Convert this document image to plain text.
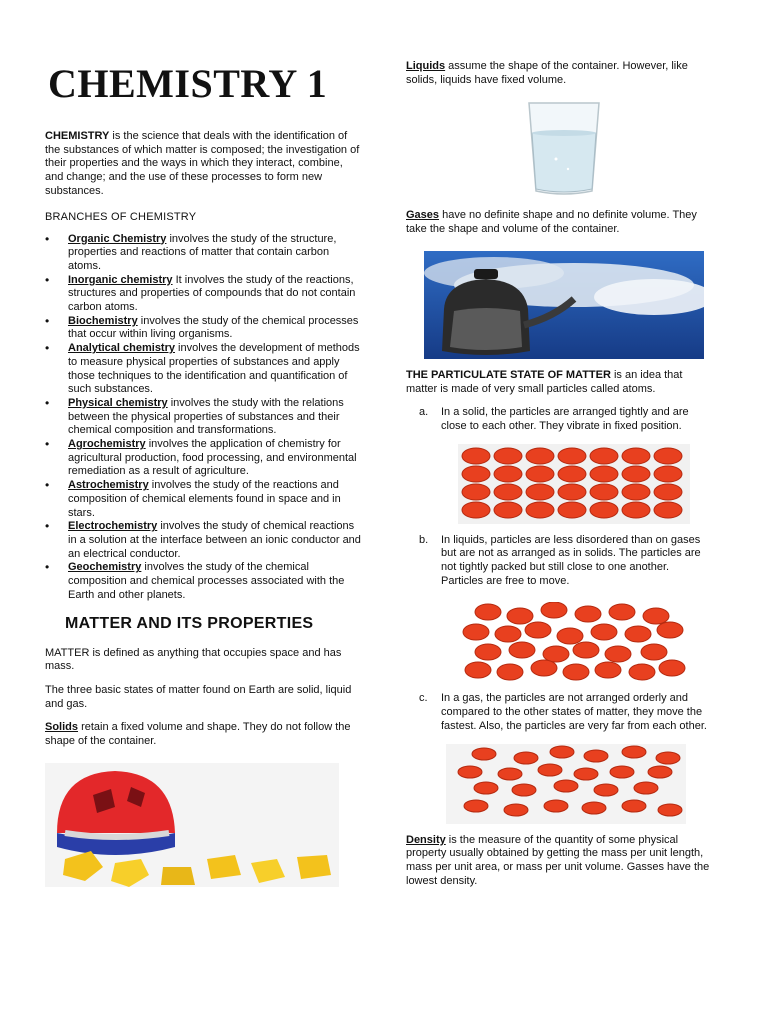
CHEMISTRY 1

CHEMISTRY is the science that deals with the identification of the substances of which matter is composed; the investigation of their properties and the ways in which they interact, combine, and change; and the use of these processes to form new substances.

BRANCHES OF CHEMISTRY
• Organic Chemistry involves the study of the structure, properties and reactions of matter that contain carbon atoms.
• Inorganic chemistry It involves the study of the reactions, structures and properties of compounds that do not contain carbon atoms.
• Biochemistry involves the study of the chemical processes that occur within living organisms.
• Analytical chemistry involves the development of methods to measure physical properties of substances and apply those techniques to the identification and quantification of such substances.
• Physical chemistry involves the study with the relations between the physical properties of substances and their chemical composition and transformations.
• Agrochemistry involves the application of chemistry for agricultural production, food processing, and environmental remediation as a result of agriculture.
• Astrochemistry involves the study of the reactions and composition of chemical elements found in space and in stars.
• Electrochemistry involves the study of chemical reactions in a solution at the interface between an ionic conductor and an electrical conductor.
• Geochemistry involves the study of the chemical composition and chemical processes associated with the Earth and other planets.
MATTER AND ITS PROPERTIES

MATTER is defined as anything that occupies space and has mass.

The three basic states of matter found on Earth are solid, liquid and gas.

Solids retain a fixed volume and shape. They do not follow the shape of the container.

Liquids assume the shape of the container. However, like solids, liquids have fixed volume.

Gases have no definite shape and no definite volume. They take the shape and volume of the container.

THE PARTICULATE STATE OF MATTER is an idea that matter is made of very small particles called atoms.

a. In a solid, the particles are arranged tightly and are close to each other. They vibrate in fixed position.
b. In liquids, particles are less disordered than on gases but are not as arranged as in solids. The particles are not tightly packed but still close to one another. Particles are free to move.
c. In a gas, the particles are not arranged orderly and compared to the other states of matter, they move the fastest. Also, the particles are very far from each other.

Density is the measure of the quantity of some physical property usually obtained by getting the mass per unit length, mass per unit area, or mass per unit volume. Gasses have the lowest density.
